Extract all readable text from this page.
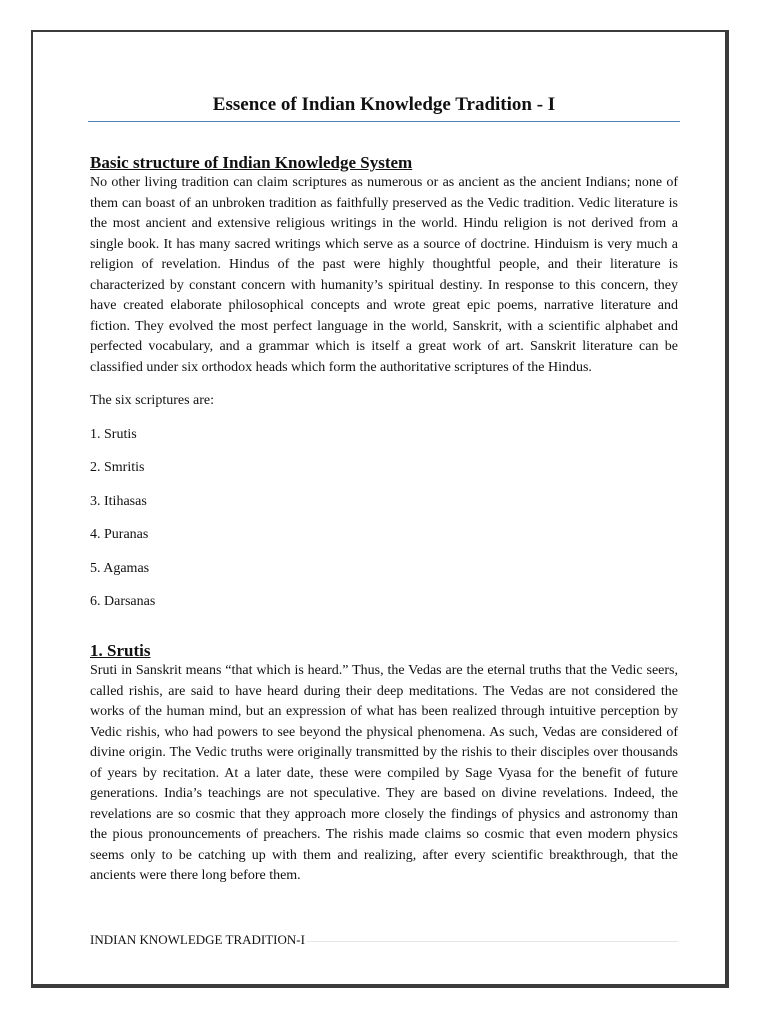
Essence of Indian Knowledge Tradition - I
Basic structure of Indian Knowledge System

No other living tradition can claim scriptures as numerous or as ancient as the ancient Indians; none of them can boast of an unbroken tradition as faithfully preserved as the Vedic tradition. Vedic literature is the most ancient and extensive religious writings in the world. Hindu religion is not derived from a single book. It has many sacred writings which serve as a source of doctrine. Hinduism is very much a religion of revelation. Hindus of the past were highly thoughtful people, and their literature is characterized by constant concern with humanity’s spiritual destiny. In response to this concern, they have created elaborate philosophical concepts and wrote great epic poems, narrative literature and fiction. They evolved the most perfect language in the world, Sanskrit, with a scientific alphabet and perfected vocabulary, and a grammar which is itself a great work of art. Sanskrit literature can be classified under six orthodox heads which form the authoritative scriptures of the Hindus.

The six scriptures are:

1. Srutis
2. Smritis
3. Itihasas
4. Puranas
5. Agamas
6. Darsanas
1. Srutis

Sruti in Sanskrit means “that which is heard.” Thus, the Vedas are the eternal truths that the Vedic seers, called rishis, are said to have heard during their deep meditations. The Vedas are not considered the works of the human mind, but an expression of what has been realized through intuitive perception by Vedic rishis, who had powers to see beyond the physical phenomena. As such, Vedas are considered of divine origin. The Vedic truths were originally transmitted by the rishis to their disciples over thousands of years by recitation. At a later date, these were compiled by Sage Vyasa for the benefit of future generations. India’s teachings are not speculative. They are based on divine revelations. Indeed, the revelations are so cosmic that they approach more closely the findings of physics and astronomy than the pious pronouncements of preachers. The rishis made claims so cosmic that even modern physics seems only to be catching up with them and realizing, after every scientific breakthrough, that the ancients were there long before them.

INDIAN KNOWLEDGE TRADITION-I
